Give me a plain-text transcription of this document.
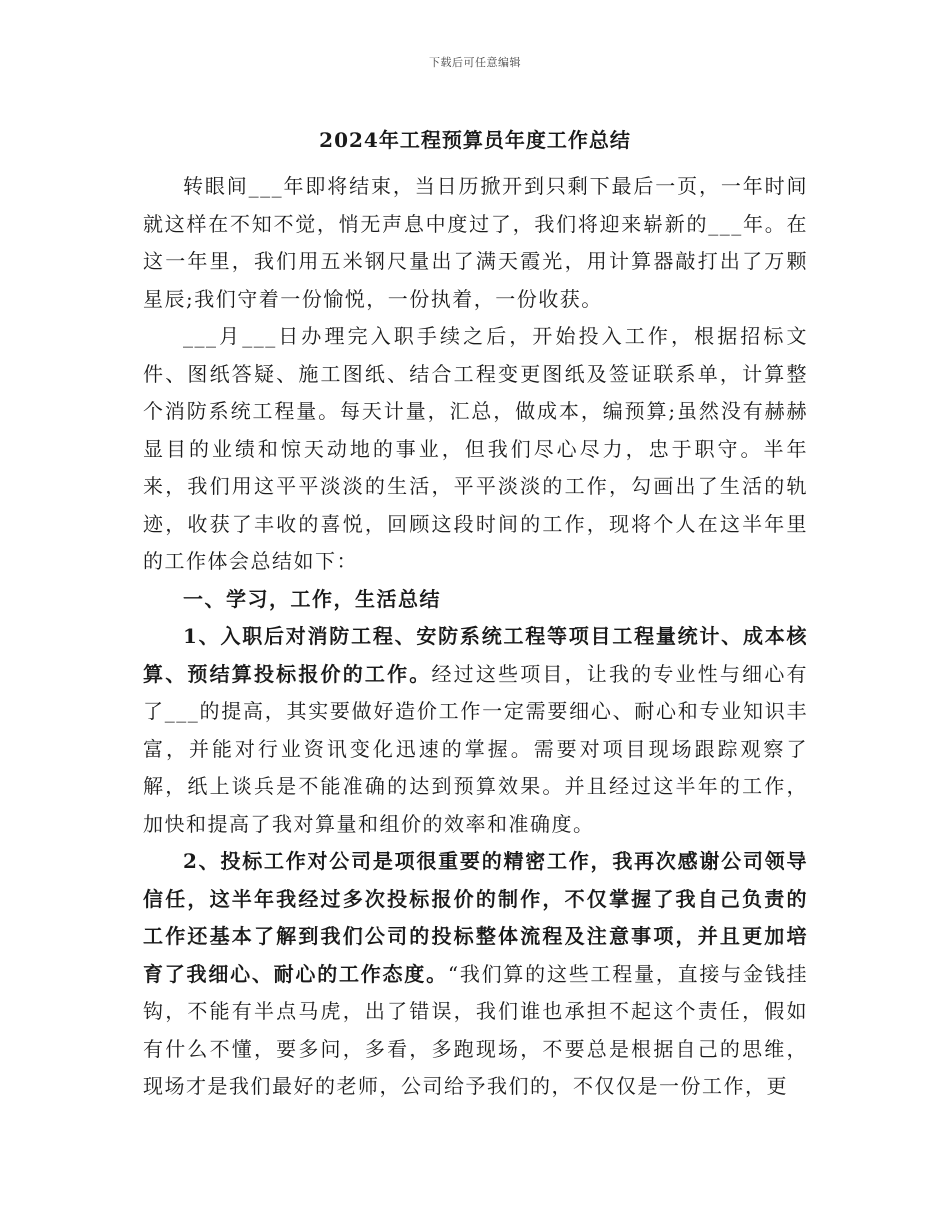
下载后可任意编辑
2024年工程预算员年度工作总结

转眼间___年即将结束，当日历掀开到只剩下最后一页，一年时间就这样在不知不觉，悄无声息中度过了，我们将迎来崭新的___年。在这一年里，我们用五米钢尺量出了满天霞光，用计算器敲打出了万颗星辰;我们守着一份愉悦，一份执着，一份收获。

___月___日办理完入职手续之后，开始投入工作，根据招标文件、图纸答疑、施工图纸、结合工程变更图纸及签证联系单，计算整个消防系统工程量。每天计量，汇总，做成本，编预算;虽然没有赫赫显目的业绩和惊天动地的事业，但我们尽心尽力，忠于职守。半年来，我们用这平平淡淡的生活，平平淡淡的工作，勾画出了生活的轨迹，收获了丰收的喜悦，回顾这段时间的工作，现将个人在这半年里的工作体会总结如下：

一、学习，工作，生活总结

1、入职后对消防工程、安防系统工程等项目工程量统计、成本核算、预结算投标报价的工作。经过这些项目，让我的专业性与细心有了___的提高，其实要做好造价工作一定需要细心、耐心和专业知识丰富，并能对行业资讯变化迅速的掌握。需要对项目现场跟踪观察了解，纸上谈兵是不能准确的达到预算效果。并且经过这半年的工作，加快和提高了我对算量和组价的效率和准确度。

2、投标工作对公司是项很重要的精密工作，我再次感谢公司领导信任，这半年我经过多次投标报价的制作，不仅掌握了我自己负责的工作还基本了解到我们公司的投标整体流程及注意事项，并且更加培育了我细心、耐心的工作态度。“我们算的这些工程量，直接与金钱挂钩，不能有半点马虎，出了错误，我们谁也承担不起这个责任，假如有什么不懂，要多问，多看，多跑现场，不要总是根据自己的思维，现场才是我们最好的老师，公司给予我们的，不仅仅是一份工作，更
